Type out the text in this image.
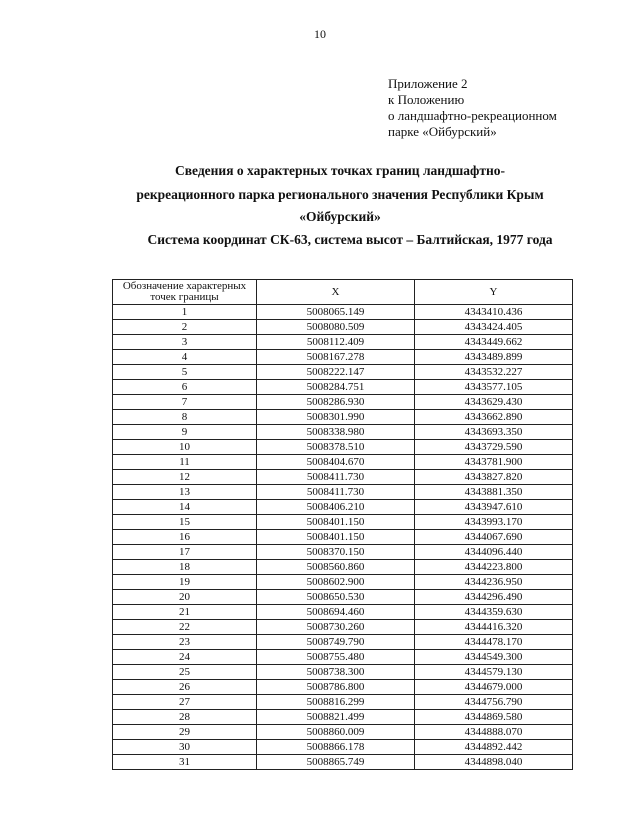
10
Приложение 2
к Положению
о ландшафтно-рекреационном
парке «Ойбурский»
Сведения о характерных точках границ ландшафтно-
рекреационного парка регионального значения Республики Крым
«Ойбурский»
Система координат СК-63, система высот – Балтийская, 1977 года
Обозначение характерных точек границы	X	Y
1	5008065.149	4343410.436
2	5008080.509	4343424.405
3	5008112.409	4343449.662
4	5008167.278	4343489.899
5	5008222.147	4343532.227
6	5008284.751	4343577.105
7	5008286.930	4343629.430
8	5008301.990	4343662.890
9	5008338.980	4343693.350
10	5008378.510	4343729.590
11	5008404.670	4343781.900
12	5008411.730	4343827.820
13	5008411.730	4343881.350
14	5008406.210	4343947.610
15	5008401.150	4343993.170
16	5008401.150	4344067.690
17	5008370.150	4344096.440
18	5008560.860	4344223.800
19	5008602.900	4344236.950
20	5008650.530	4344296.490
21	5008694.460	4344359.630
22	5008730.260	4344416.320
23	5008749.790	4344478.170
24	5008755.480	4344549.300
25	5008738.300	4344579.130
26	5008786.800	4344679.000
27	5008816.299	4344756.790
28	5008821.499	4344869.580
29	5008860.009	4344888.070
30	5008866.178	4344892.442
31	5008865.749	4344898.040
